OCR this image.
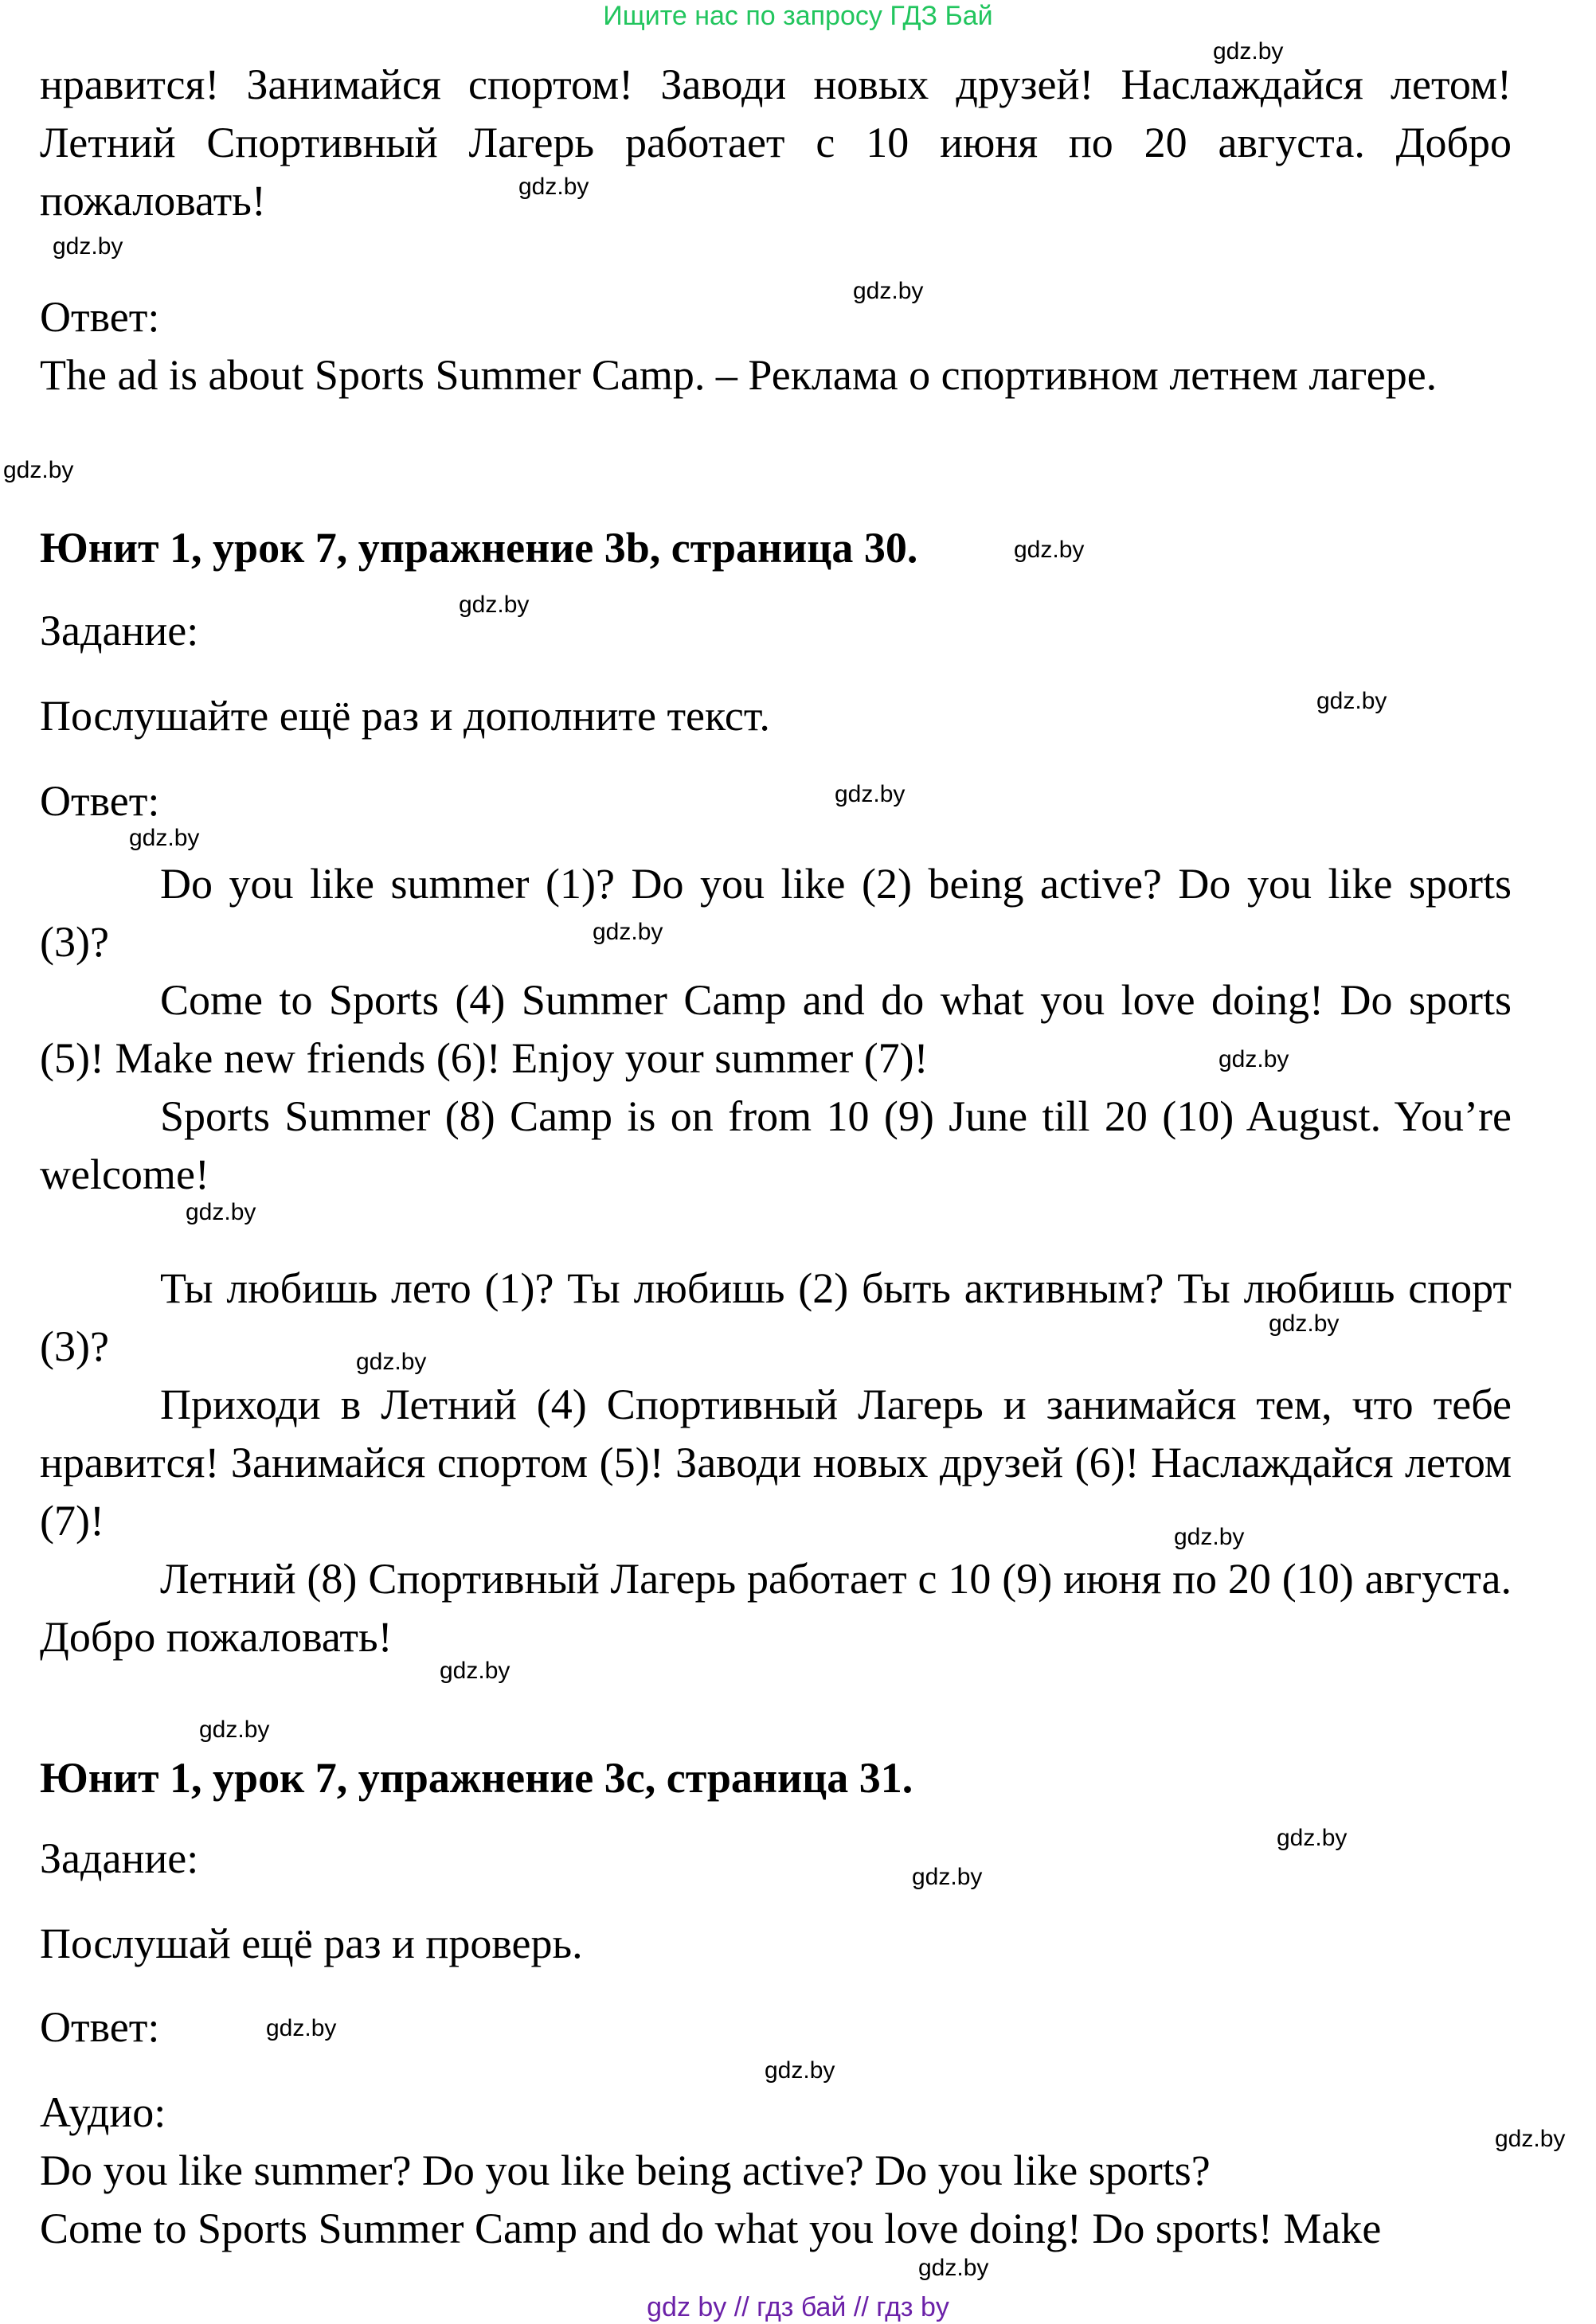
Ищите нас по запросу ГДЗ Бай
нравится! Занимайся спортом! Заводи новых друзей! Наслаждайся летом! Летний Спортивный Лагерь работает с 10 июня по 20 августа. Добро пожаловать!
Ответ:
The ad is about Sports Summer Camp. – Реклама о спортивном летнем лагере.
Юнит 1, урок 7, упражнение 3b, страница 30.
Задание:
Послушайте ещё раз и дополните текст.
Ответ:
Do you like summer (1)? Do you like (2) being active? Do you like sports (3)?
Come to Sports (4) Summer Camp and do what you love doing! Do sports (5)! Make new friends (6)! Enjoy your summer (7)!
Sports Summer (8) Camp is on from 10 (9) June till 20 (10) August. You’re welcome!
Ты любишь лето (1)? Ты любишь (2) быть активным? Ты любишь спорт (3)?
Приходи в Летний (4) Спортивный Лагерь и занимайся тем, что тебе нравится! Занимайся спортом (5)! Заводи новых друзей (6)! Наслаждайся летом (7)!
Летний (8) Спортивный Лагерь работает с 10 (9) июня по 20 (10) августа. Добро пожаловать!
Юнит 1, урок 7, упражнение 3c, страница 31.
Задание:
Послушай ещё раз и проверь.
Ответ:
Аудио:
Do you like summer? Do you like being active? Do you like sports?
Come to Sports Summer Camp and do what you love doing! Do sports! Make
gdz.by
gdz.by
gdz.by
gdz.by
gdz.by
gdz.by
gdz.by
gdz.by
gdz.by
gdz.by
gdz.by
gdz.by
gdz.by
gdz.by
gdz.by
gdz.by
gdz.by
gdz.by
gdz.by
gdz.by
gdz.by
gdz.by
gdz.by
gdz.by
gdz by // гдз бай // гдз by
